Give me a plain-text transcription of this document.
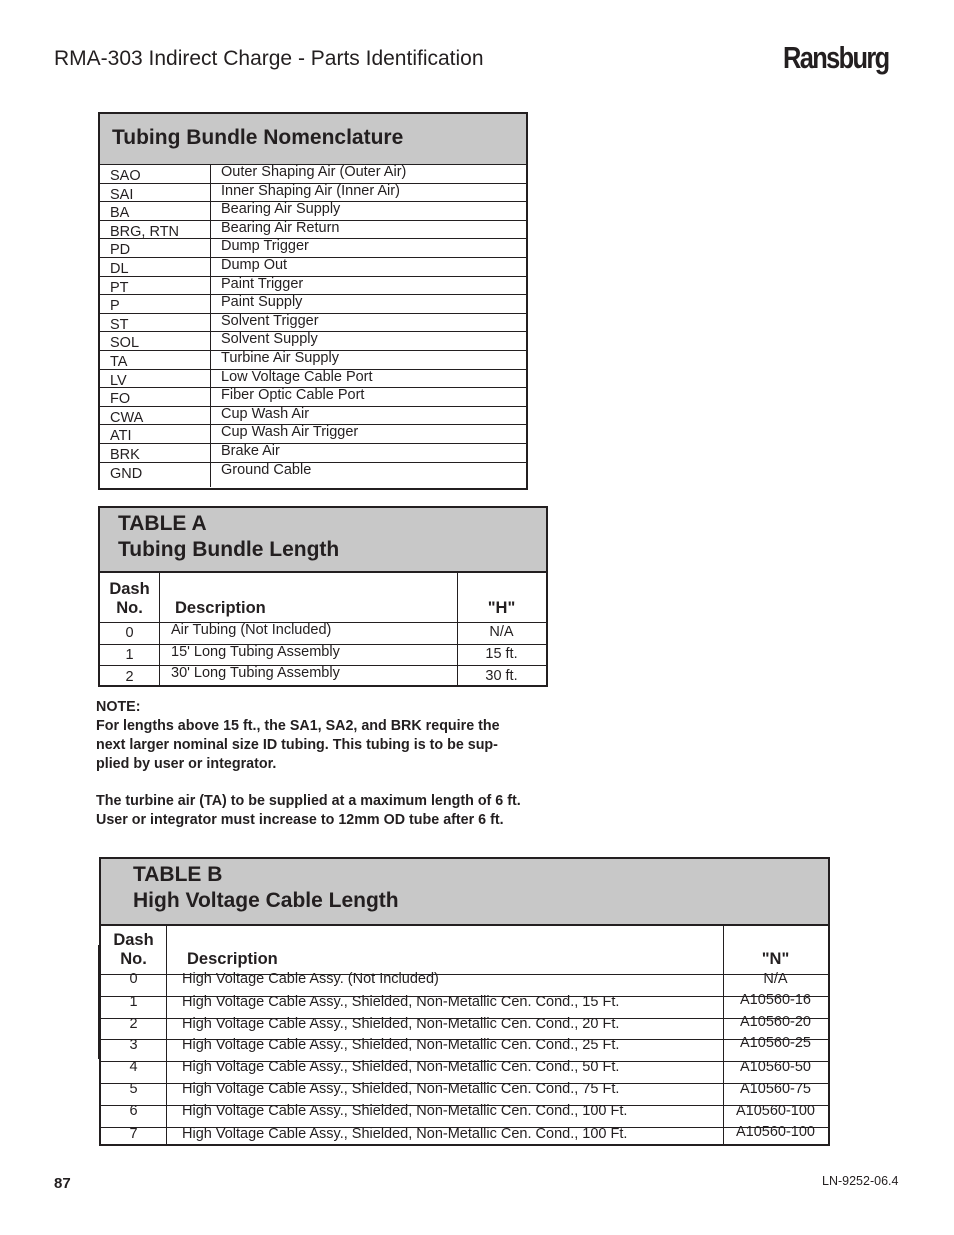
RMA-303 Indirect Charge - Parts Identification	Ransburg
Tubing Bundle Nomenclature
SAO	Outer Shaping Air (Outer Air)
SAI	Inner Shaping Air (Inner Air)
BA	Bearing Air Supply
BRG, RTN	Bearing Air Return
PD	Dump Trigger
DL	Dump Out
PT	Paint Trigger
P	Paint Supply
ST	Solvent Trigger
SOL	Solvent Supply
TA	Turbine Air Supply
LV	Low Voltage Cable Port
FO	Fiber Optic Cable Port
CWA	Cup Wash Air
ATI	Cup Wash Air Trigger
BRK	Brake Air
GND	Ground Cable
TABLE A
Tubing Bundle Length
Dash
No.	Description	"H"
0	Air Tubing (Not Included)	N/A
1	15' Long Tubing Assembly	15 ft.
2	30' Long Tubing Assembly	30 ft.
NOTE:
For lengths above 15 ft., the SA1, SA2, and BRK require the
next larger nominal size ID tubing. This tubing is to be sup-
plied by user or integrator.
The turbine air (TA) to be supplied at a maximum length of 6 ft.
User or integrator must increase to 12mm OD tube after 6 ft.
TABLE B
High Voltage Cable Length
Dash
No.	Description	"N"
0	High Voltage Cable Assy. (Not Included)	N/A
1	High Voltage Cable Assy., Shielded, Non-Metallic Cen. Cond., 15 Ft.	A10560-16
2	High Voltage Cable Assy., Shielded, Non-Metallic Cen. Cond., 20 Ft.	A10560-20
3	High Voltage Cable Assy., Shielded, Non-Metallic Cen. Cond., 25 Ft.	A10560-25
4	High Voltage Cable Assy., Shielded, Non-Metallic Cen. Cond., 50 Ft.	A10560-50
5	High Voltage Cable Assy., Shielded, Non-Metallic Cen. Cond., 75 Ft.	A10560-75
6	High Voltage Cable Assy., Shielded, Non-Metallic Cen. Cond., 100 Ft.	A10560-100
7	High Voltage Cable Assy., Shielded, Non-Metallic Cen. Cond., 100 Ft.	A10560-100
87	LN-9252-06.4
